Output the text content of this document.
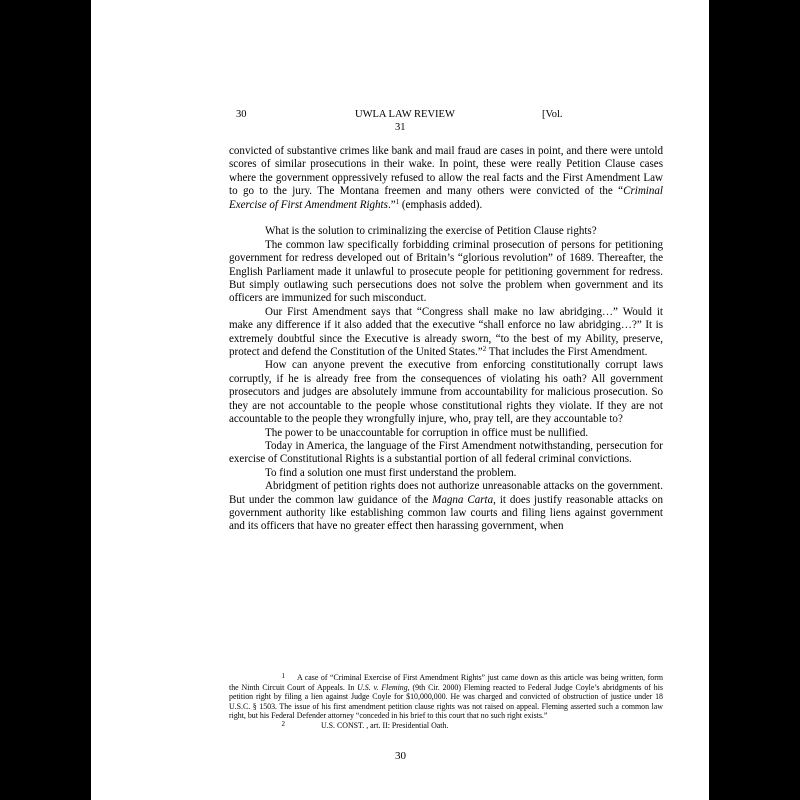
30	UWLA LAW REVIEW	[Vol.
31

convicted of substantive crimes like bank and mail fraud are cases in point, and there were untold scores of similar prosecutions in their wake. In point, these were really Petition Clause cases where the government oppressively refused to allow the real facts and the First Amendment Law to go to the jury. The Montana freemen and many others were convicted of the “Criminal Exercise of First Amendment Rights.”$^1$ (emphasis added).

What is the solution to criminalizing the exercise of Petition Clause rights?

The common law specifically forbidding criminal prosecution of persons for petitioning government for redress developed out of Britain’s “glorious revolution” of 1689. Thereafter, the English Parliament made it unlawful to prosecute people for petitioning government for redress. But simply outlawing such persecutions does not solve the problem when government and its officers are immunized for such misconduct.

Our First Amendment says that “Congress shall make no law abridging…” Would it make any difference if it also added that the executive “shall enforce no law abridging…?” It is extremely doubtful since the Executive is already sworn, “to the best of my Ability, preserve, protect and defend the Constitution of the United States.”$^2$ That includes the First Amendment.

How can anyone prevent the executive from enforcing constitutionally corrupt laws corruptly, if he is already free from the consequences of violating his oath? All government prosecutors and judges are absolutely immune from accountability for malicious prosecution. So they are not accountable to the people whose constitutional rights they violate. If they are not accountable to the people they wrongfully injure, who, pray tell, are they accountable to?

The power to be unaccountable for corruption in office must be nullified.

Today in America, the language of the First Amendment notwithstanding, persecution for exercise of Constitutional Rights is a substantial portion of all federal criminal convictions.

To find a solution one must first understand the problem.

Abridgment of petition rights does not authorize unreasonable attacks on the government. But under the common law guidance of the Magna Carta, it does justify reasonable attacks on government authority like establishing common law courts and filing liens against government and its officers that have no greater effect then harassing government, when

1 A case of “Criminal Exercise of First Amendment Rights” just came down as this article was being written, form the Ninth Circuit Court of Appeals. In U.S. v. Fleming, (9th Cir. 2000) Fleming reacted to Federal Judge Coyle’s abridgments of his petition right by filing a lien against Judge Coyle for $10,000,000. He was charged and convicted of obstruction of justice under 18 U.S.C. § 1503. The issue of his first amendment petition clause rights was not raised on appeal. Fleming asserted such a common law right, but his Federal Defender attorney “conceded in his brief to this court that no such right exists.”

2	U.S. CONST. , art. II: Presidential Oath.

30
